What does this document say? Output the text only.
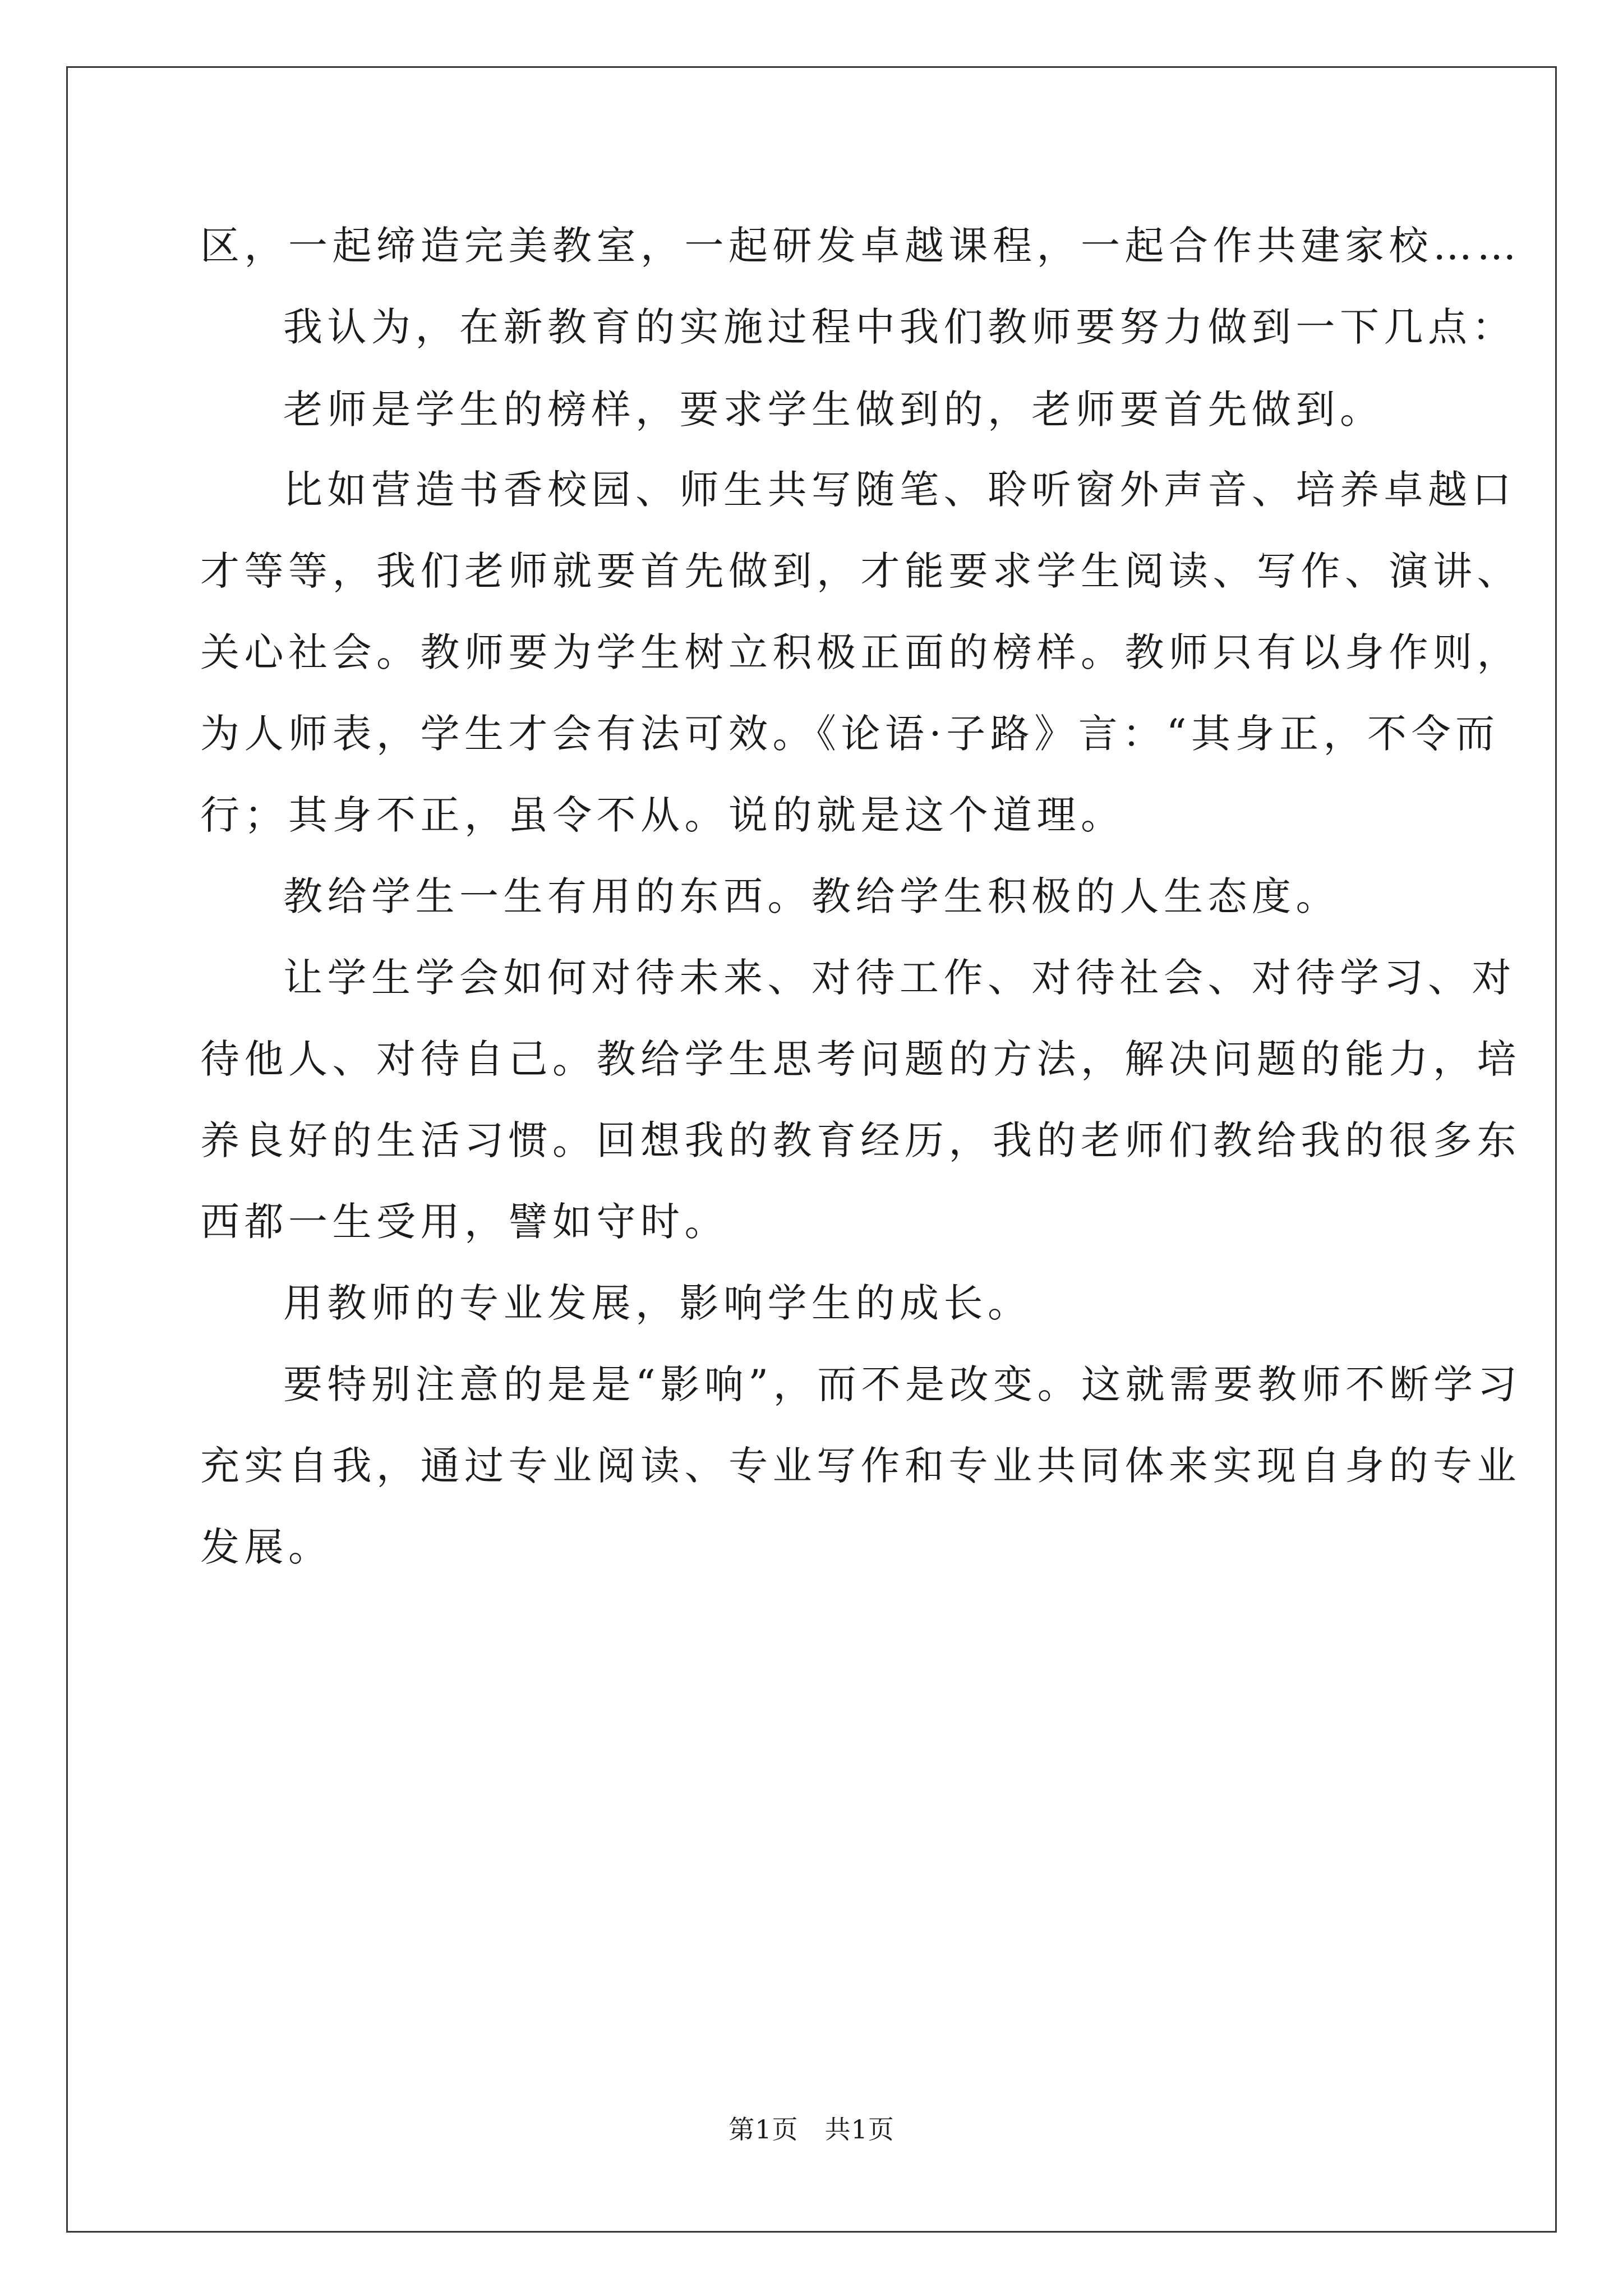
区，一起缔造完美教室，一起研发卓越课程，一起合作共建家校……
我认为，在新教育的实施过程中我们教师要努力做到一下几点：
老师是学生的榜样，要求学生做到的，老师要首先做到。
比如营造书香校园、师生共写随笔、聆听窗外声音、培养卓越口
才等等，我们老师就要首先做到，才能要求学生阅读、写作、演讲、
关心社会。教师要为学生树立积极正面的榜样。教师只有以身作则，
为人师表，学生才会有法可效。《论语·子路》言：“其身正，不令而
行；其身不正，虽令不从。说的就是这个道理。
教给学生一生有用的东西。教给学生积极的人生态度。
让学生学会如何对待未来、对待工作、对待社会、对待学习、对
待他人、对待自己。教给学生思考问题的方法，解决问题的能力，培
养良好的生活习惯。回想我的教育经历，我的老师们教给我的很多东
西都一生受用，譬如守时。
用教师的专业发展，影响学生的成长。
要特别注意的是是“影响”，而不是改变。这就需要教师不断学习
充实自我，通过专业阅读、专业写作和专业共同体来实现自身的专业
发展。
第1页　共1页
